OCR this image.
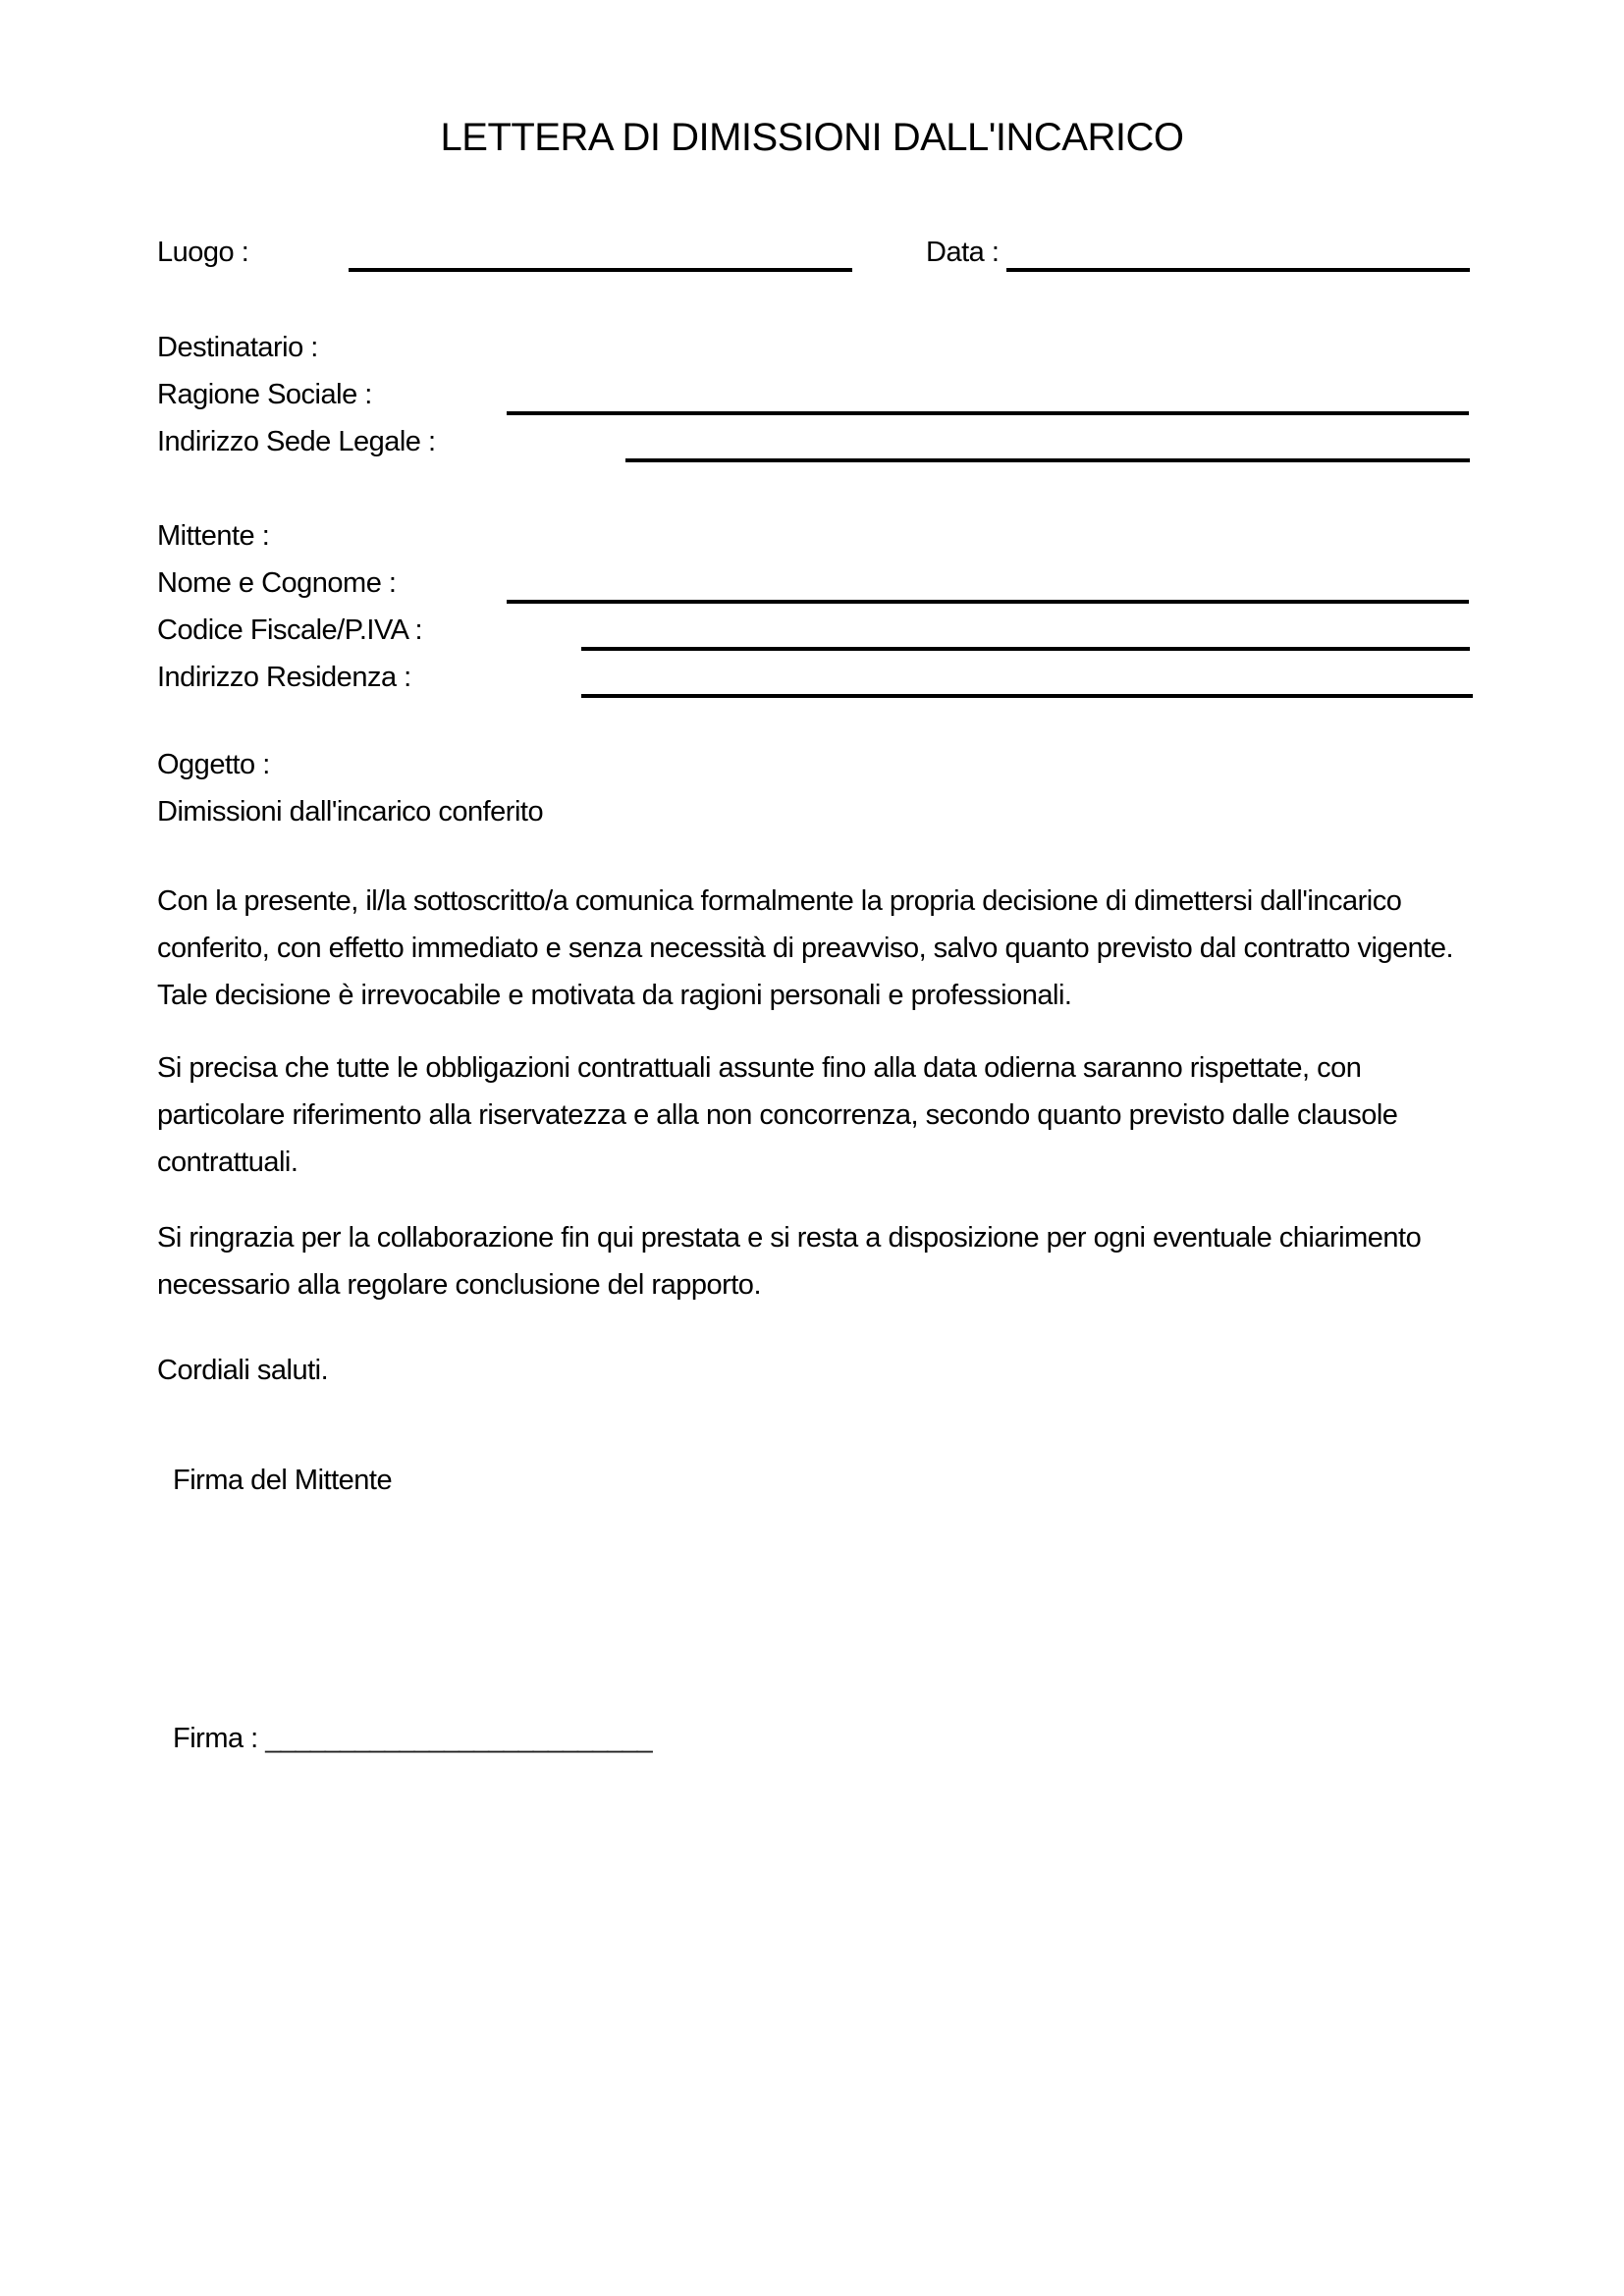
LETTERA DI DIMISSIONI DALL'INCARICO
Luogo :	Data :
Destinatario :
Ragione Sociale :
Indirizzo Sede Legale :
Mittente :
Nome e Cognome :
Codice Fiscale/P.IVA :
Indirizzo Residenza :
Oggetto :
Dimissioni dall'incarico conferito
Con la presente, il/la sottoscritto/a comunica formalmente la propria decisione di dimettersi dall'incarico
conferito, con effetto immediato e senza necessità di preavviso, salvo quanto previsto dal contratto vigente.
Tale decisione è irrevocabile e motivata da ragioni personali e professionali.
Si precisa che tutte le obbligazioni contrattuali assunte fino alla data odierna saranno rispettate, con
particolare riferimento alla riservatezza e alla non concorrenza, secondo quanto previsto dalle clausole
contrattuali.
Si ringrazia per la collaborazione fin qui prestata e si resta a disposizione per ogni eventuale chiarimento
necessario alla regolare conclusione del rapporto.
Cordiali saluti.
Firma del Mittente
Firma : __________________________
